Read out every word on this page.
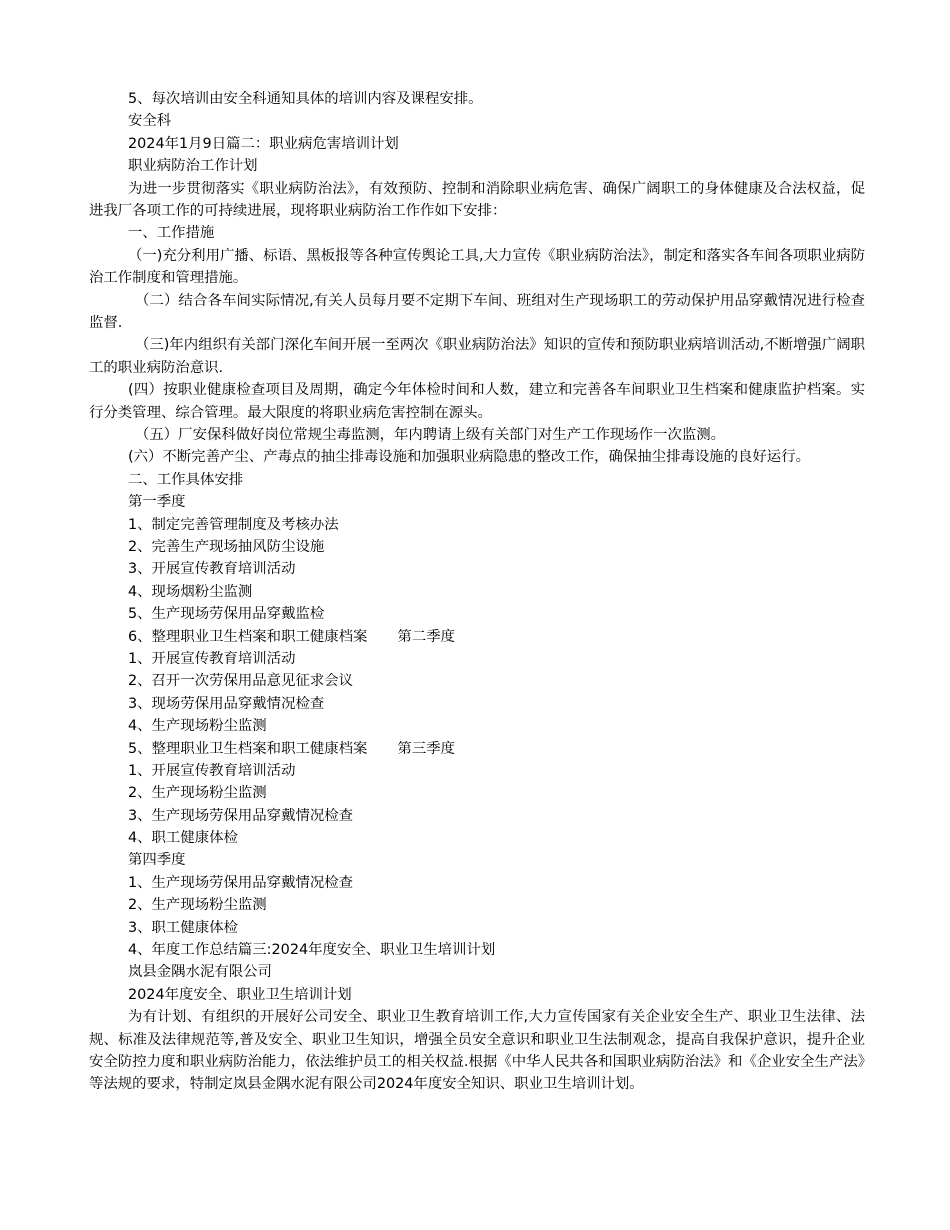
5、每次培训由安全科通知具体的培训内容及课程安排。
安全科
2024年1月9日篇二：职业病危害培训计划
职业病防治工作计划
为进一步贯彻落实《职业病防治法》，有效预防、控制和消除职业病危害、确保广阔职工的身体健康及合法权益，促进我厂各项工作的可持续进展，现将职业病防治工作作如下安排：
一、工作措施
（一)充分利用广播、标语、黑板报等各种宣传舆论工具,大力宣传《职业病防治法》，制定和落实各车间各项职业病防治工作制度和管理措施。
（二）结合各车间实际情况,有关人员每月要不定期下车间、班组对生产现场职工的劳动保护用品穿戴情况进行检查监督.
（三)年内组织有关部门深化车间开展一至两次《职业病防治法》知识的宣传和预防职业病培训活动,不断增强广阔职工的职业病防治意识.
(四）按职业健康检查项目及周期，确定今年体检时间和人数，建立和完善各车间职业卫生档案和健康监护档案。实行分类管理、综合管理。最大限度的将职业病危害控制在源头。
（五）厂安保科做好岗位常规尘毒监测，年内聘请上级有关部门对生产工作现场作一次监测。
(六）不断完善产尘、产毒点的抽尘排毒设施和加强职业病隐患的整改工作，确保抽尘排毒设施的良好运行。
二、工作具体安排
第一季度
1、制定完善管理制度及考核办法
2、完善生产现场抽风防尘设施
3、开展宣传教育培训活动
4、现场烟粉尘监测
5、生产现场劳保用品穿戴监检
6、整理职业卫生档案和职工健康档案 第二季度
1、开展宣传教育培训活动
2、召开一次劳保用品意见征求会议
3、现场劳保用品穿戴情况检查
4、生产现场粉尘监测
5、整理职业卫生档案和职工健康档案 第三季度
1、开展宣传教育培训活动
2、生产现场粉尘监测
3、生产现场劳保用品穿戴情况检查
4、职工健康体检
第四季度
1、生产现场劳保用品穿戴情况检查
2、生产现场粉尘监测
3、职工健康体检
4、年度工作总结篇三:2024年度安全、职业卫生培训计划
岚县金隅水泥有限公司
2024年度安全、职业卫生培训计划
为有计划、有组织的开展好公司安全、职业卫生教育培训工作,大力宣传国家有关企业安全生产、职业卫生法律、法规、标准及法律规范等,普及安全、职业卫生知识，增强全员安全意识和职业卫生法制观念，提高自我保护意识，提升企业安全防控力度和职业病防治能力，依法维护员工的相关权益.根据《中华人民共各和国职业病防治法》和《企业安全生产法》等法规的要求，特制定岚县金隅水泥有限公司2024年度安全知识、职业卫生培训计划。
